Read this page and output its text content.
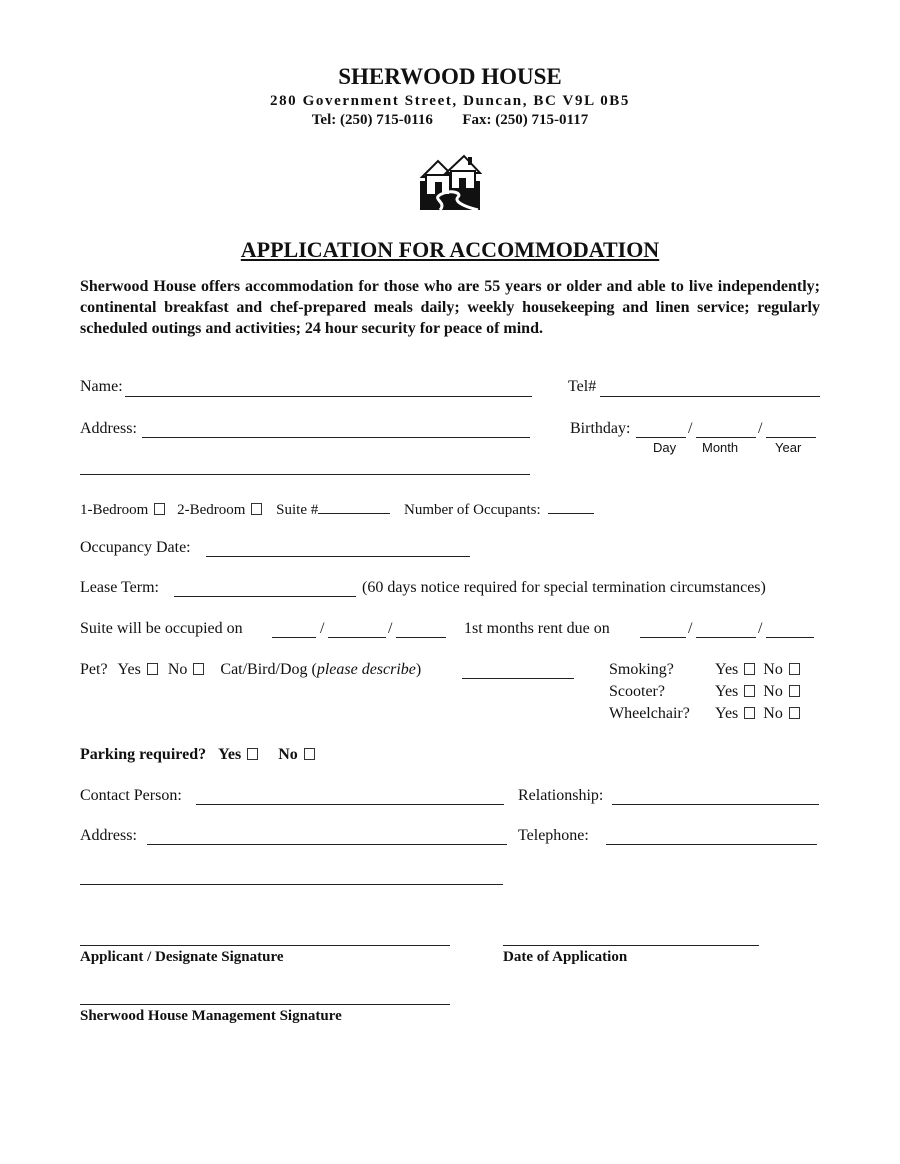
SHERWOOD HOUSE
280 Government Street, Duncan, BC V9L 0B5
Tel: (250) 715-0116 Fax: (250) 715-0117
APPLICATION FOR ACCOMMODATION
Sherwood House offers accommodation for those who are 55 years or older and able to live independently; continental breakfast and chef-prepared meals daily; weekly housekeeping and linen service; regularly scheduled outings and activities; 24 hour security for peace of mind.
Name:	Tel#
Address:	Birthday:	/	/
Day Month	Year
1-Bedroom 2-Bedroom Suite #	Number of Occupants:
Occupancy Date:
Lease Term:	(60 days notice required for special termination circumstances)
Suite will be occupied on	/	/	1st months rent due on	/	/
Pet? Yes No Cat/Bird/Dog (please describe)	Smoking?	Yes No
Scooter?	Yes No
Wheelchair? Yes No
Parking required? Yes No
Contact Person:	Relationship:
Address:	Telephone:
Applicant / Designate Signature	Date of Application
Sherwood House Management Signature
